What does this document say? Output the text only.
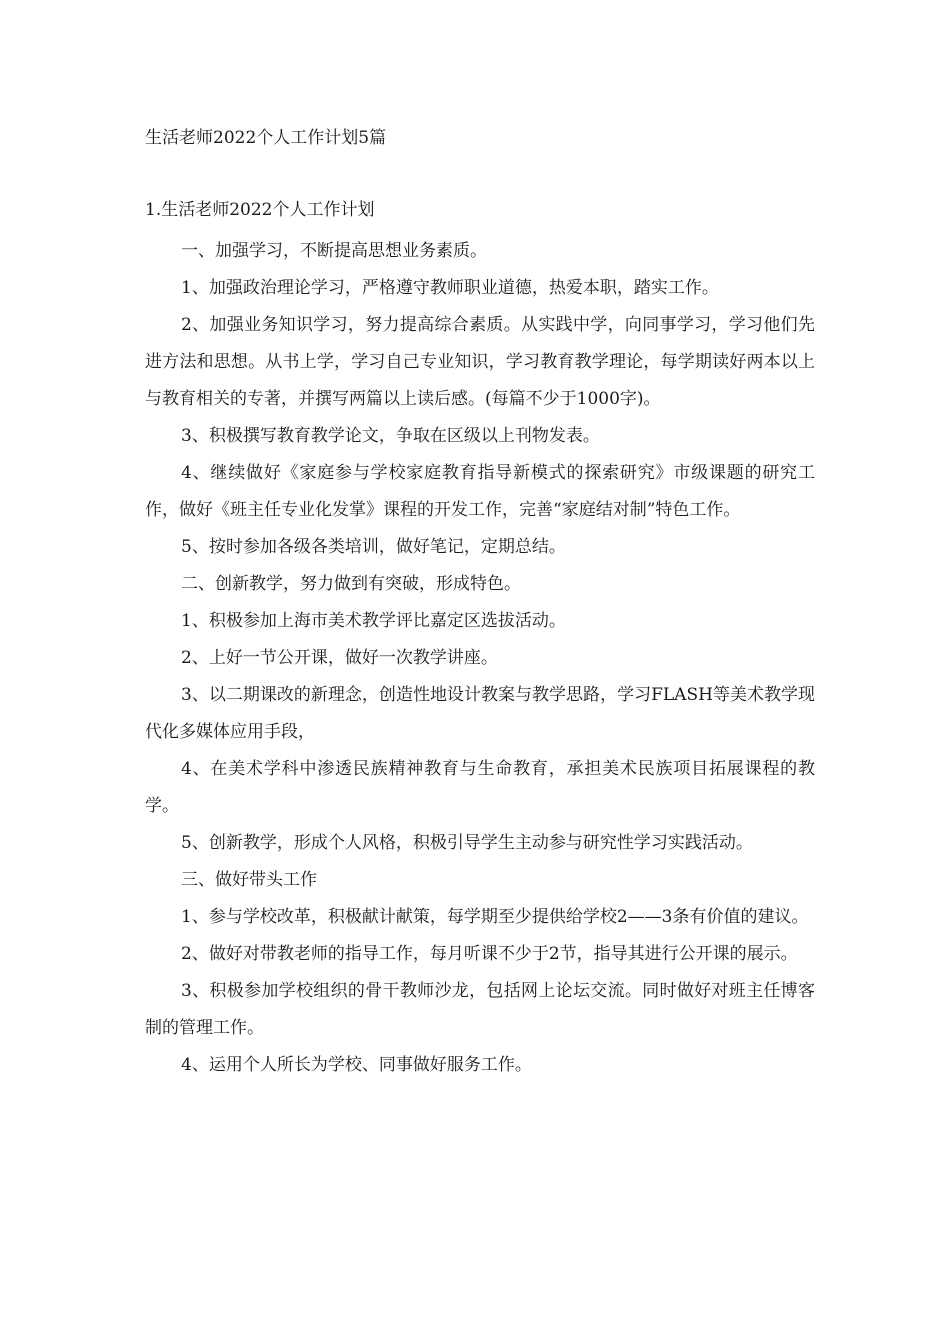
生活老师2022个人工作计划5篇
1.生活老师2022个人工作计划

一、加强学习，不断提高思想业务素质。

1、加强政治理论学习，严格遵守教师职业道德，热爱本职，踏实工作。

2、加强业务知识学习，努力提高综合素质。从实践中学，向同事学习，学习他们先进方法和思想。从书上学，学习自己专业知识，学习教育教学理论，每学期读好两本以上与教育相关的专著，并撰写两篇以上读后感。(每篇不少于1000字)。

3、积极撰写教育教学论文，争取在区级以上刊物发表。

4、继续做好《家庭参与学校家庭教育指导新模式的探索研究》市级课题的研究工作，做好《班主任专业化发掌》课程的开发工作，完善“家庭结对制”特色工作。

5、按时参加各级各类培训，做好笔记，定期总结。

二、创新教学，努力做到有突破，形成特色。

1、积极参加上海市美术教学评比嘉定区选拔活动。

2、上好一节公开课，做好一次教学讲座。

3、以二期课改的新理念，创造性地设计教案与教学思路，学习FLASH等美术教学现代化多媒体应用手段，

4、在美术学科中渗透民族精神教育与生命教育，承担美术民族项目拓展课程的教学。

5、创新教学，形成个人风格，积极引导学生主动参与研究性学习实践活动。

三、做好带头工作

1、参与学校改革，积极献计献策，每学期至少提供给学校2——3条有价值的建议。

2、做好对带教老师的指导工作，每月听课不少于2节，指导其进行公开课的展示。

3、积极参加学校组织的骨干教师沙龙，包括网上论坛交流。同时做好对班主任博客制的管理工作。

4、运用个人所长为学校、同事做好服务工作。
